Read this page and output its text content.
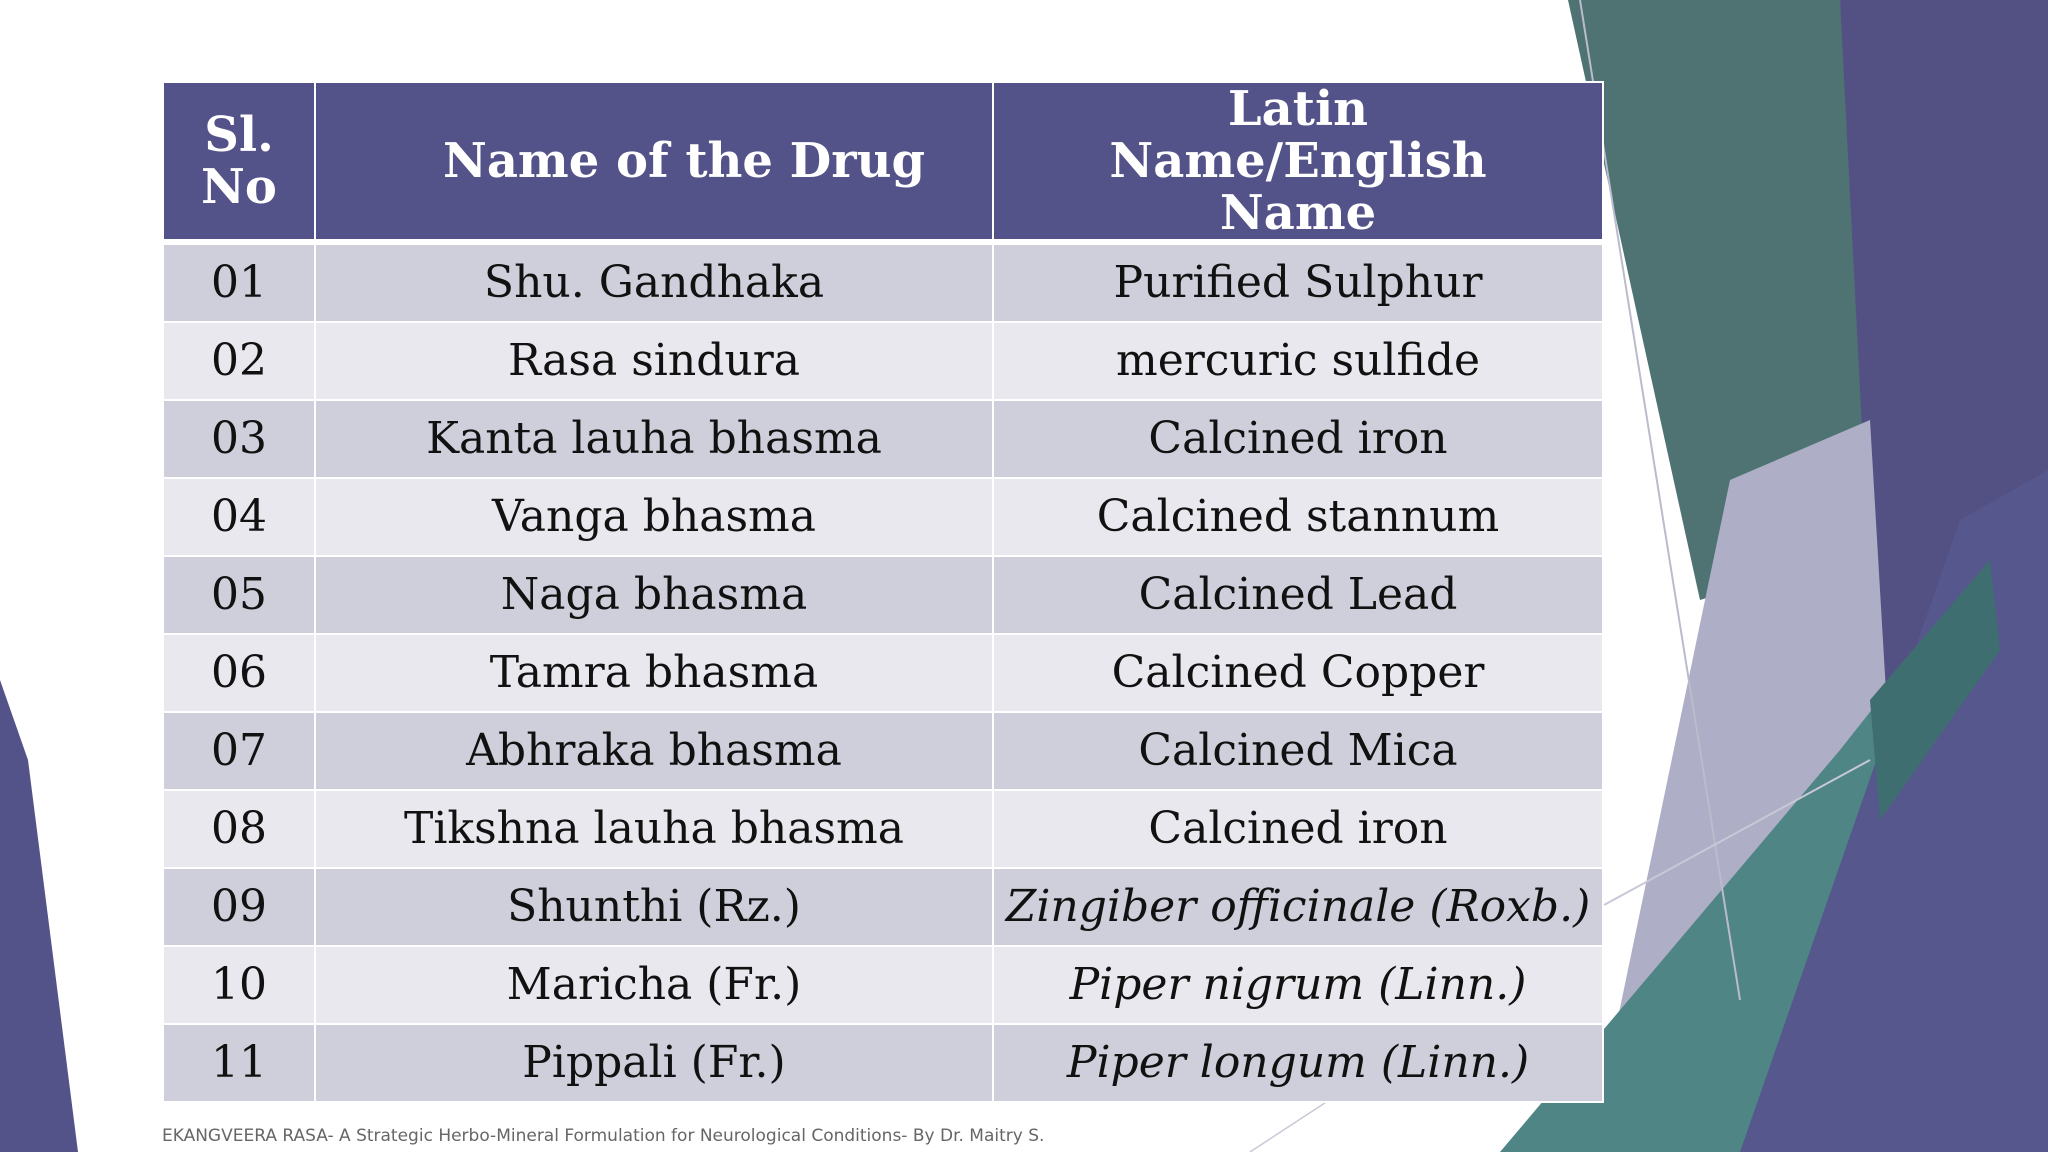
Sl. No	Name of the Drug	Latin Name/English Name
01	Shu. Gandhaka	Purified Sulphur
02	Rasa sindura	mercuric sulfide
03	Kanta lauha bhasma	Calcined iron
04	Vanga bhasma	Calcined stannum
05	Naga bhasma	Calcined Lead
06	Tamra bhasma	Calcined Copper
07	Abhraka bhasma	Calcined Mica
08	Tikshna lauha bhasma	Calcined iron
09	Shunthi (Rz.)	Zingiber officinale (Roxb.)
10	Maricha (Fr.)	Piper nigrum (Linn.)
11	Pippali (Fr.)	Piper longum (Linn.)
EKANGVEERA RASA- A Strategic Herbo-Mineral Formulation for Neurological Conditions- By Dr. Maitry S.
